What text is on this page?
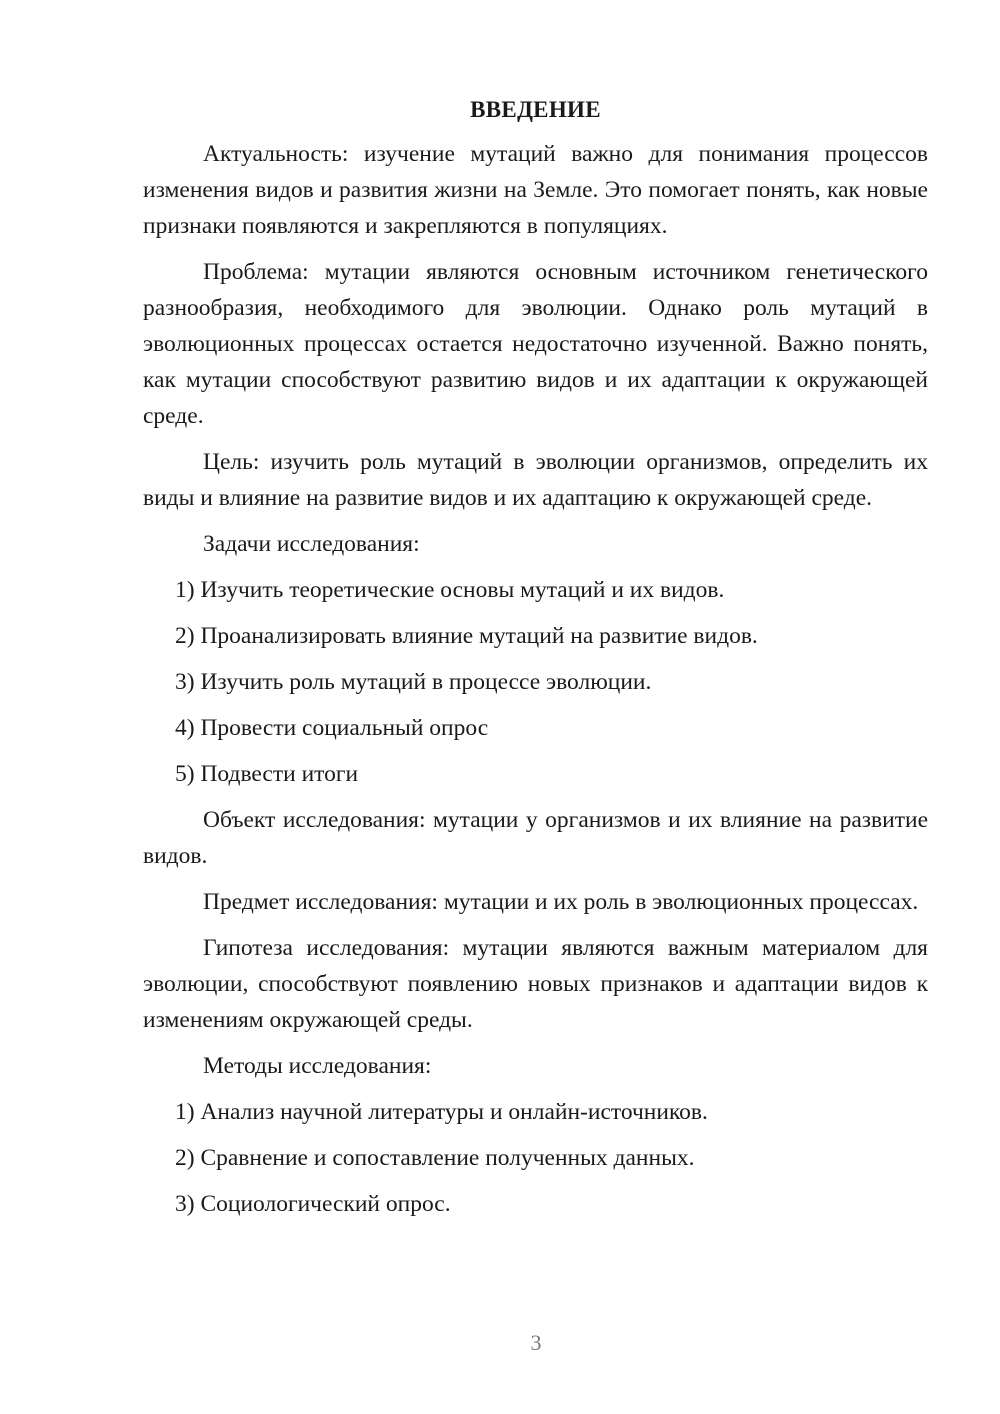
ВВЕДЕНИЕ

Актуальность: изучение мутаций важно для понимания процессов изменения видов и развития жизни на Земле. Это помогает понять, как новые признаки появляются и закрепляются в популяциях.

Проблема: мутации являются основным источником генетического разнообразия, необходимого для эволюции. Однако роль мутаций в эволюционных процессах остается недостаточно изученной. Важно понять, как мутации способствуют развитию видов и их адаптации к окружающей среде.

Цель: изучить роль мутаций в эволюции организмов, определить их виды и влияние на развитие видов и их адаптацию к окружающей среде.

Задачи исследования:

1) Изучить теоретические основы мутаций и их видов.
2) Проанализировать влияние мутаций на развитие видов.
3) Изучить роль мутаций в процессе эволюции.
4) Провести социальный опрос
5) Подвести итоги

Объект исследования: мутации у организмов и их влияние на развитие видов.

Предмет исследования: мутации и их роль в эволюционных процессах.

Гипотеза исследования: мутации являются важным материалом для эволюции, способствуют появлению новых признаков и адаптации видов к изменениям окружающей среды.

Методы исследования:

1) Анализ научной литературы и онлайн-источников.
2) Сравнение и сопоставление полученных данных.
3) Социологический опрос.
3
